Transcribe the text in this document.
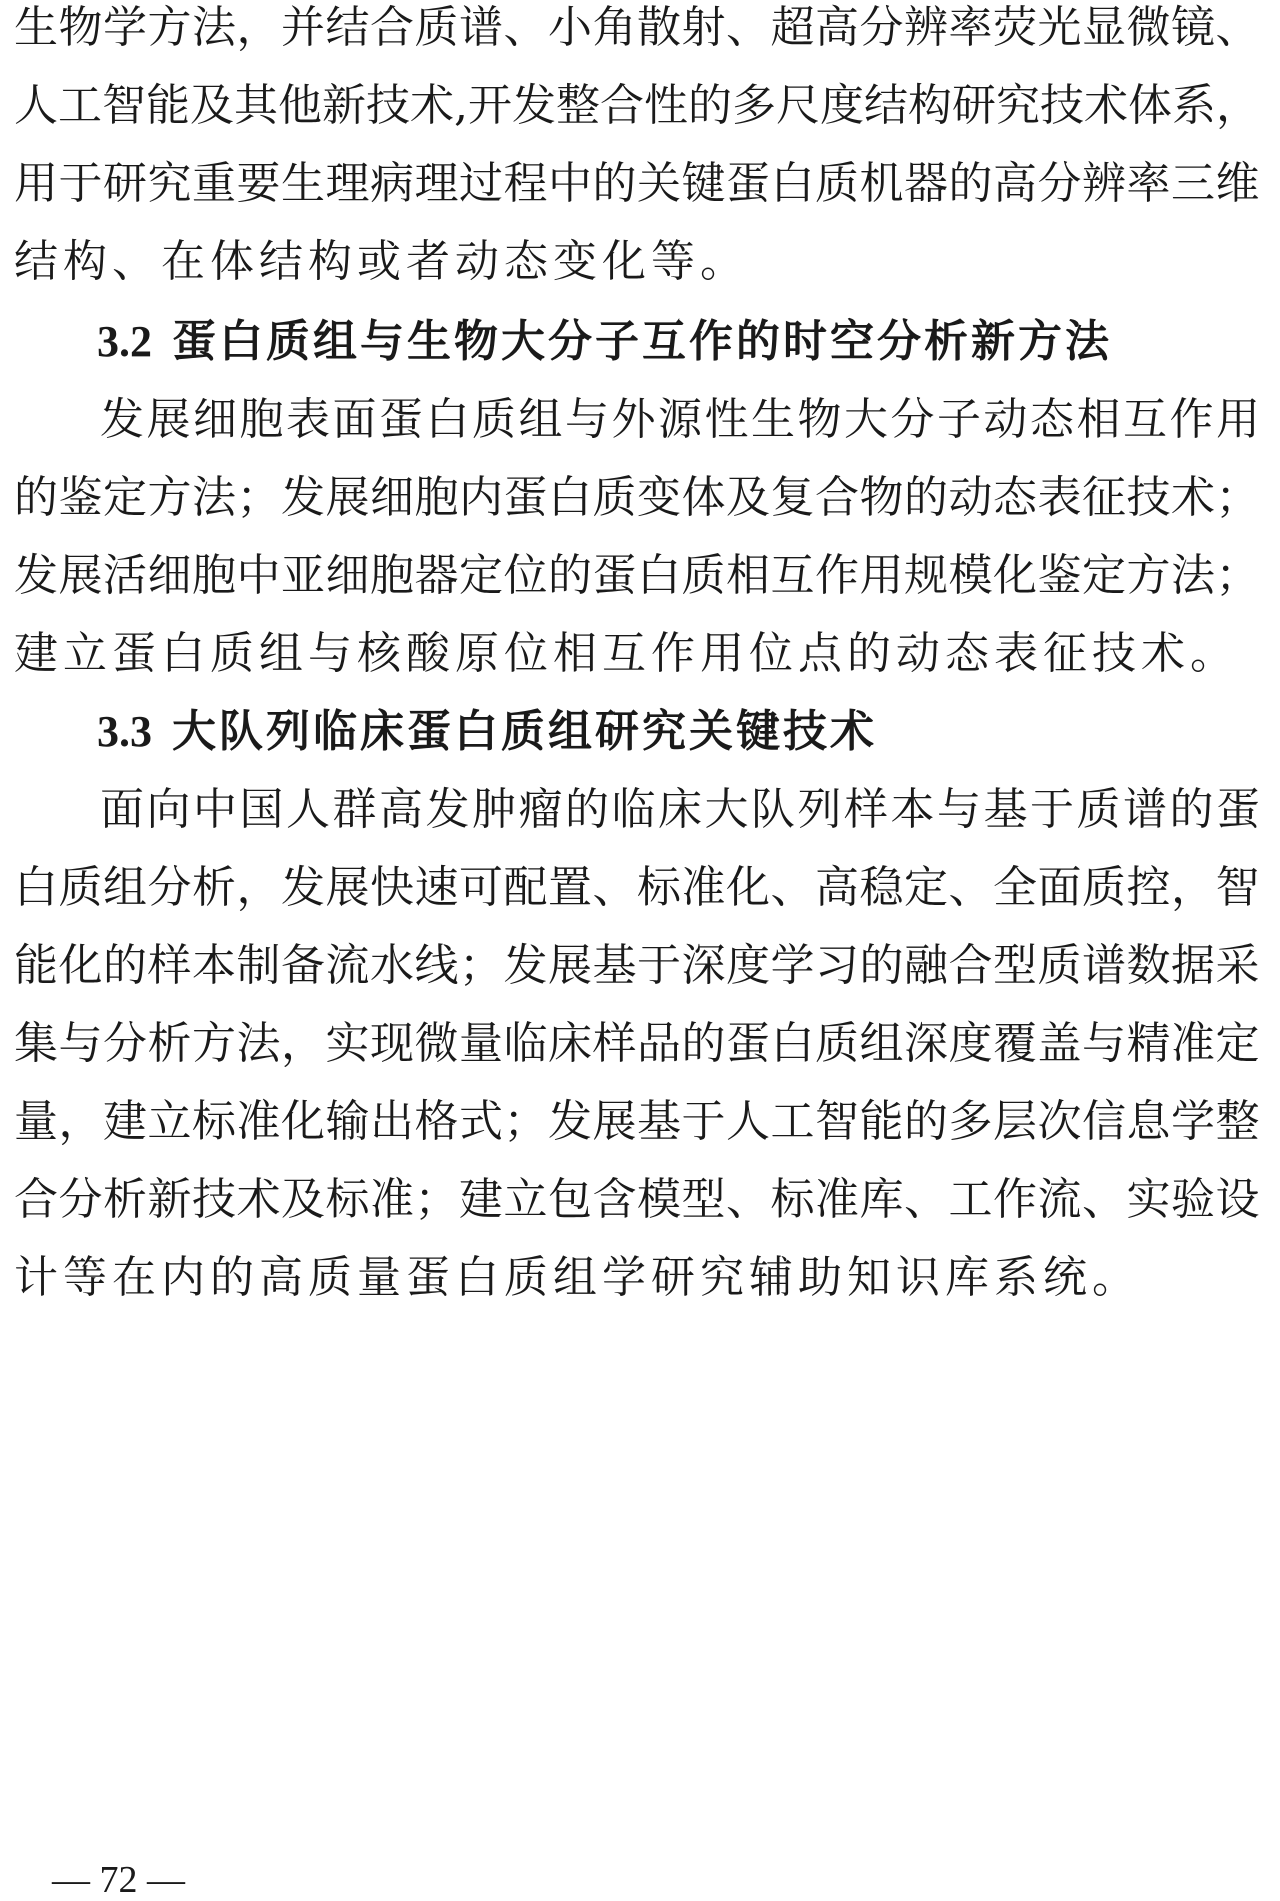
生物学方法，并结合质谱、小角散射、超高分辨率荧光显微镜、
人工智能及其他新技术,开发整合性的多尺度结构研究技术体系，
用于研究重要生理病理过程中的关键蛋白质机器的高分辨率三维
结构、在体结构或者动态变化等。
3.2 蛋白质组与生物大分子互作的时空分析新方法
发展细胞表面蛋白质组与外源性生物大分子动态相互作用
的鉴定方法；发展细胞内蛋白质变体及复合物的动态表征技术；
发展活细胞中亚细胞器定位的蛋白质相互作用规模化鉴定方法；
建立蛋白质组与核酸原位相互作用位点的动态表征技术。
3.3 大队列临床蛋白质组研究关键技术
面向中国人群高发肿瘤的临床大队列样本与基于质谱的蛋
白质组分析，发展快速可配置、标准化、高稳定、全面质控，智
能化的样本制备流水线；发展基于深度学习的融合型质谱数据采
集与分析方法，实现微量临床样品的蛋白质组深度覆盖与精准定
量，建立标准化输出格式；发展基于人工智能的多层次信息学整
合分析新技术及标准；建立包含模型、标准库、工作流、实验设
计等在内的高质量蛋白质组学研究辅助知识库系统。
— 72 —
